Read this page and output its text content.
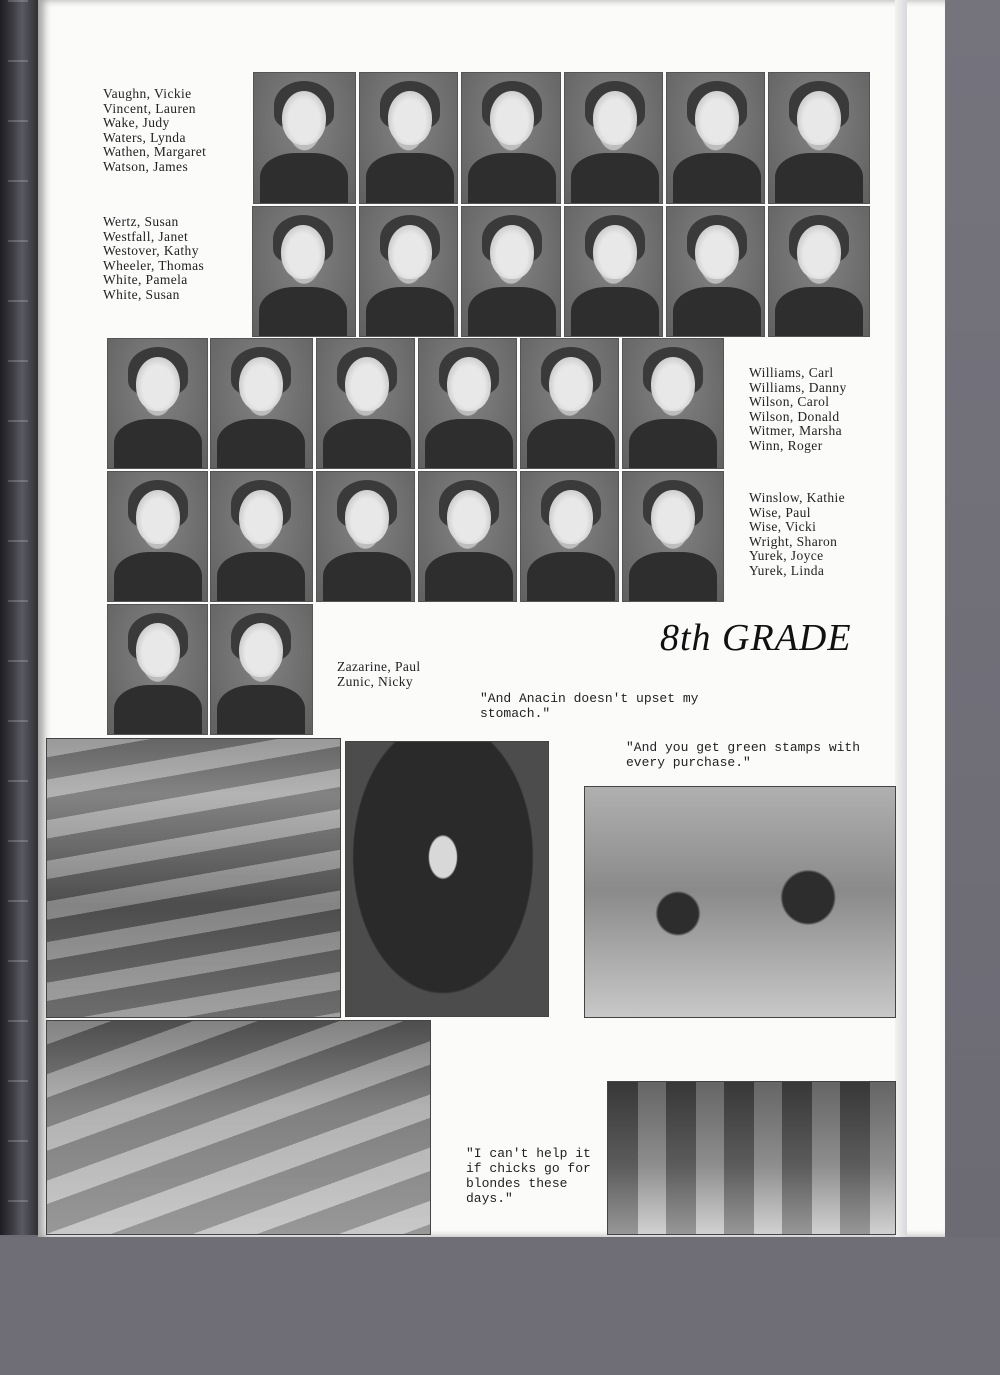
Vaughn, Vickie
Vincent, Lauren
Wake, Judy
Waters, Lynda
Wathen, Margaret
Watson, James
Wertz, Susan
Westfall, Janet
Westover, Kathy
Wheeler, Thomas
White, Pamela
White, Susan
Williams, Carl
Williams, Danny
Wilson, Carol
Wilson, Donald
Witmer, Marsha
Winn, Roger
Winslow, Kathie
Wise, Paul
Wise, Vicki
Wright, Sharon
Yurek, Joyce
Yurek, Linda
Zazarine, Paul
Zunic, Nicky
8th GRADE
"And Anacin doesn't upset my stomach."
"And you get green stamps with every purchase."
"I can't help it if chicks go for blondes these days."
